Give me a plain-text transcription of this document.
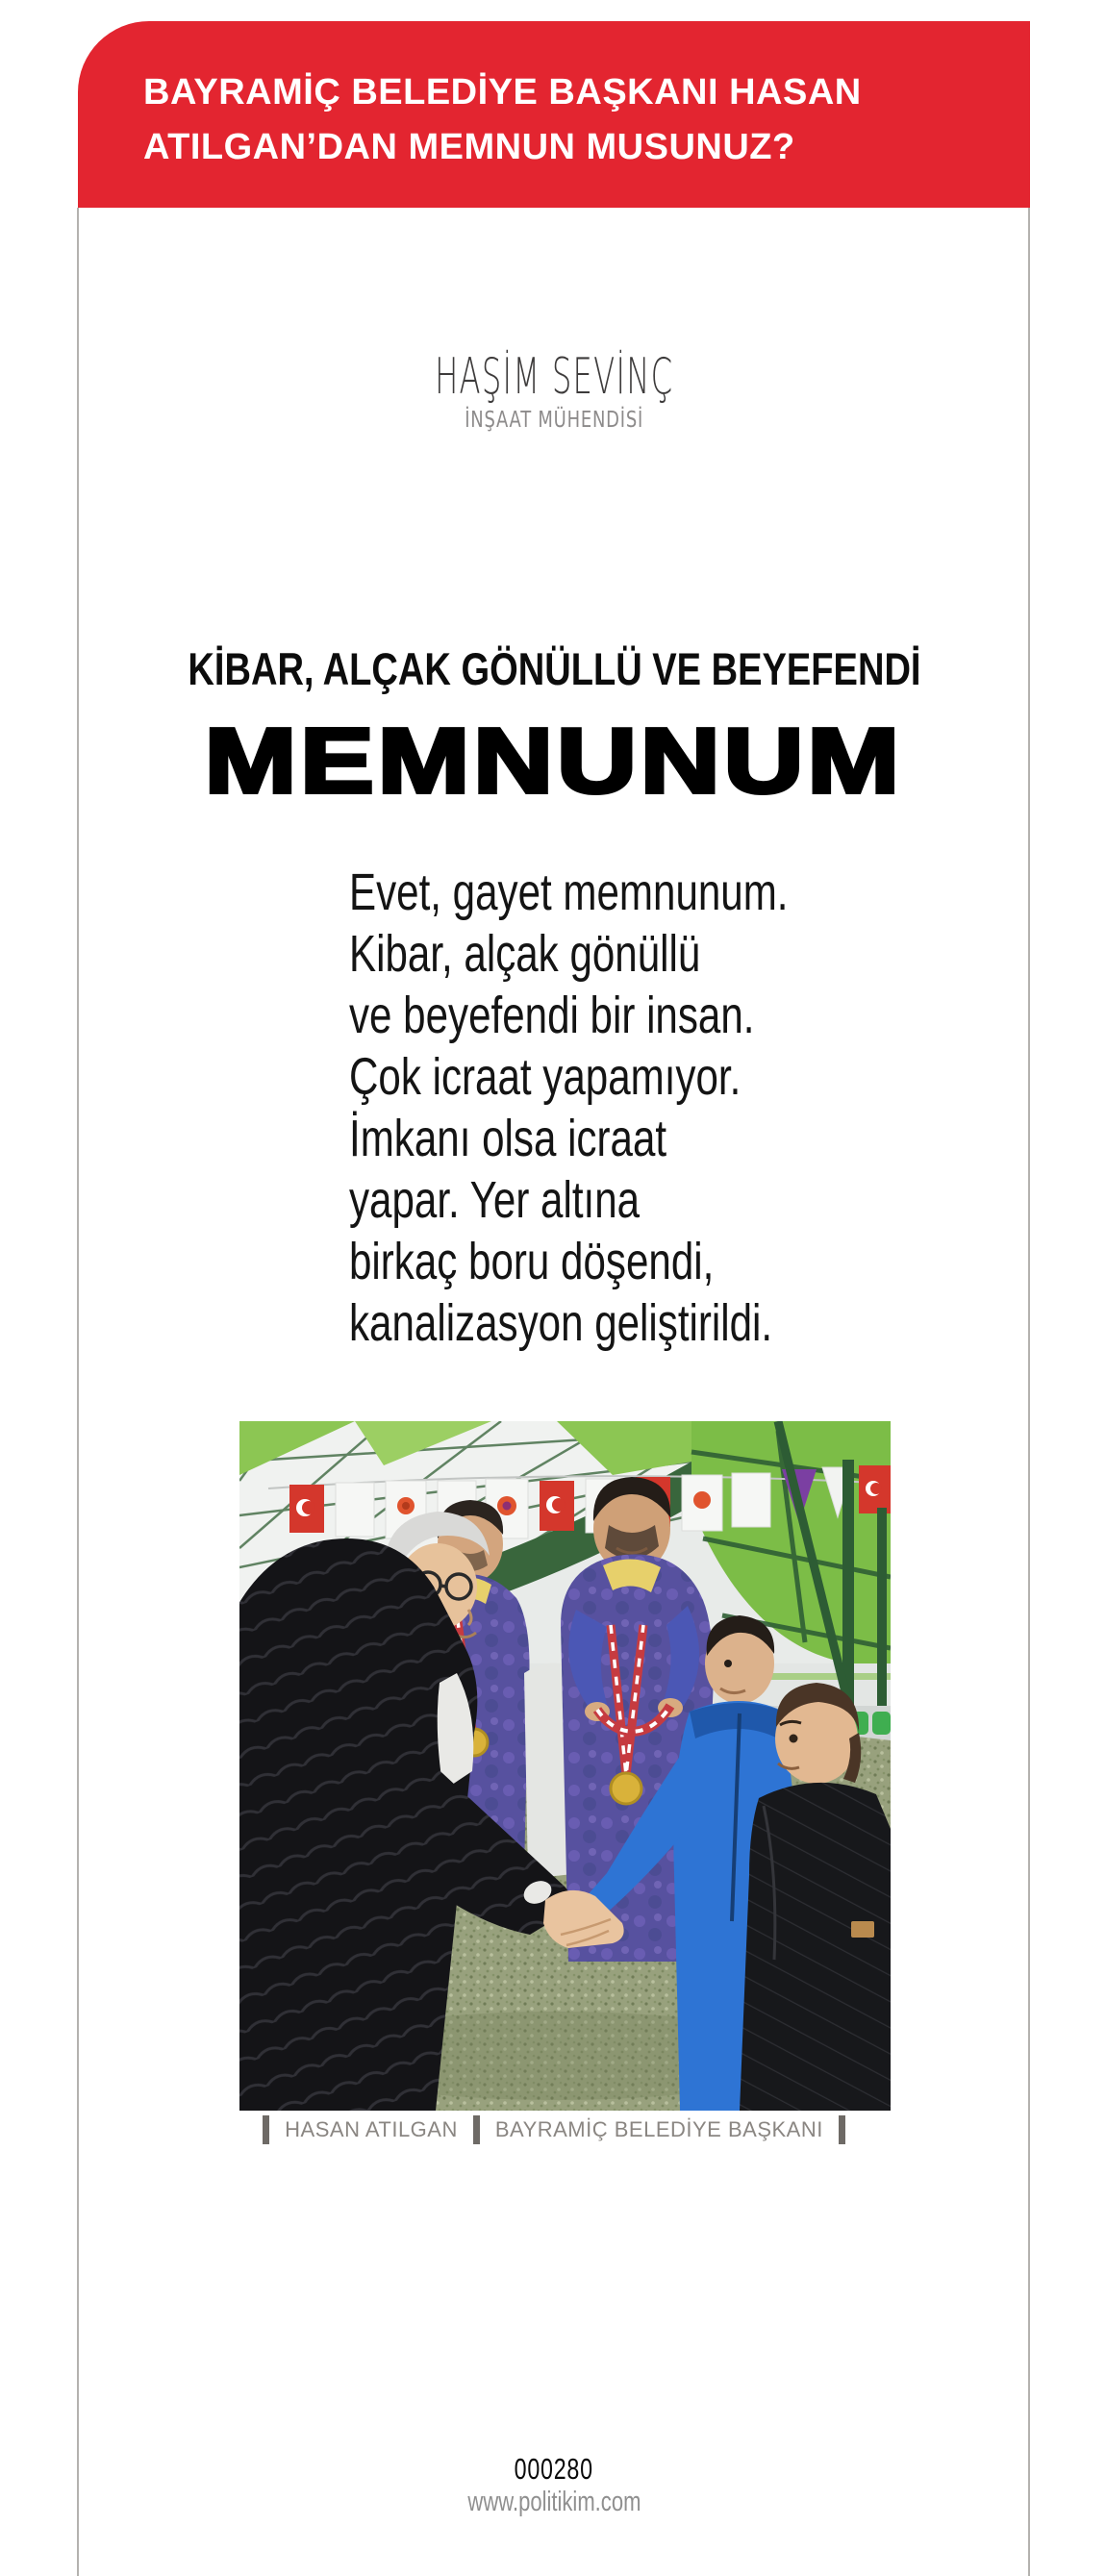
BAYRAMİÇ BELEDİYE BAŞKANI HASAN
ATILGAN’DAN MEMNUN MUSUNUZ?
HAŞİM SEVİNÇ
İNŞAAT MÜHENDİSİ
KİBAR, ALÇAK GÖNÜLLÜ VE BEYEFENDİ
MEMNUNUM
Evet, gayet memnunum.
Kibar, alçak gönüllü
ve beyefendi bir insan.
Çok icraat yapamıyor.
İmkanı olsa icraat
yapar. Yer altına
birkaç boru döşendi,
kanalizasyon geliştirildi.
HASAN ATILGAN BAYRAMİÇ BELEDİYE BAŞKANI
000280
www.politikim.com
